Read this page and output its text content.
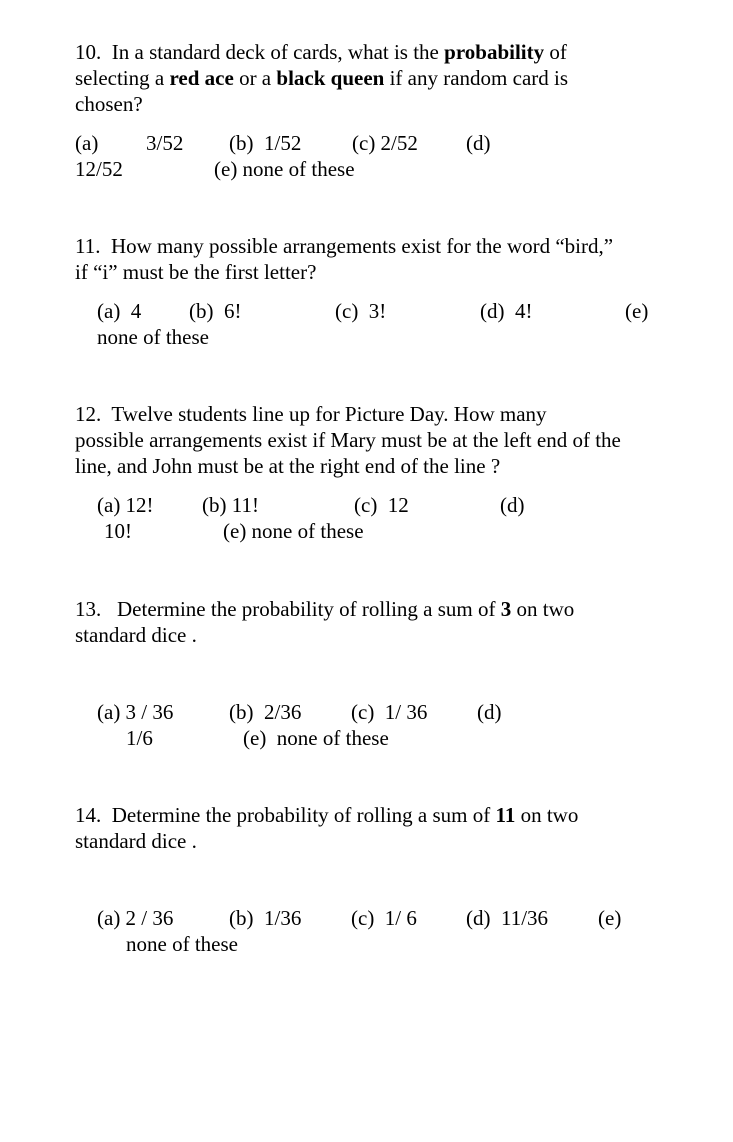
10.  In a standard deck of cards, what is the probability of
selecting a red ace or a black queen if any random card is
chosen?
(a) 3/52 (b)  1/52 (c) 2/52 (d)
12/52	(e) none of these
11.  How many possible arrangements exist for the word “bird,”
if “i” must be the first letter?
(a)  4 (b)  6!	(c)  3!	(d)  4!	(e)
none of these
12.  Twelve students line up for Picture Day. How many
possible arrangements exist if Mary must be at the left end of the
line, and John must be at the right end of the line ?
(a) 12! (b) 11!	(c)  12	(d)
10!	(e) none of these
13.   Determine the probability of rolling a sum of 3 on two
standard dice .
(a) 3 / 36	(b)  2/36 (c)  1/ 36 (d)
1/6	(e)  none of these
14.  Determine the probability of rolling a sum of 11 on two
standard dice .
(a) 2 / 36	(b)  1/36 (c)  1/ 6 (d)  11/36 (e)
none of these
